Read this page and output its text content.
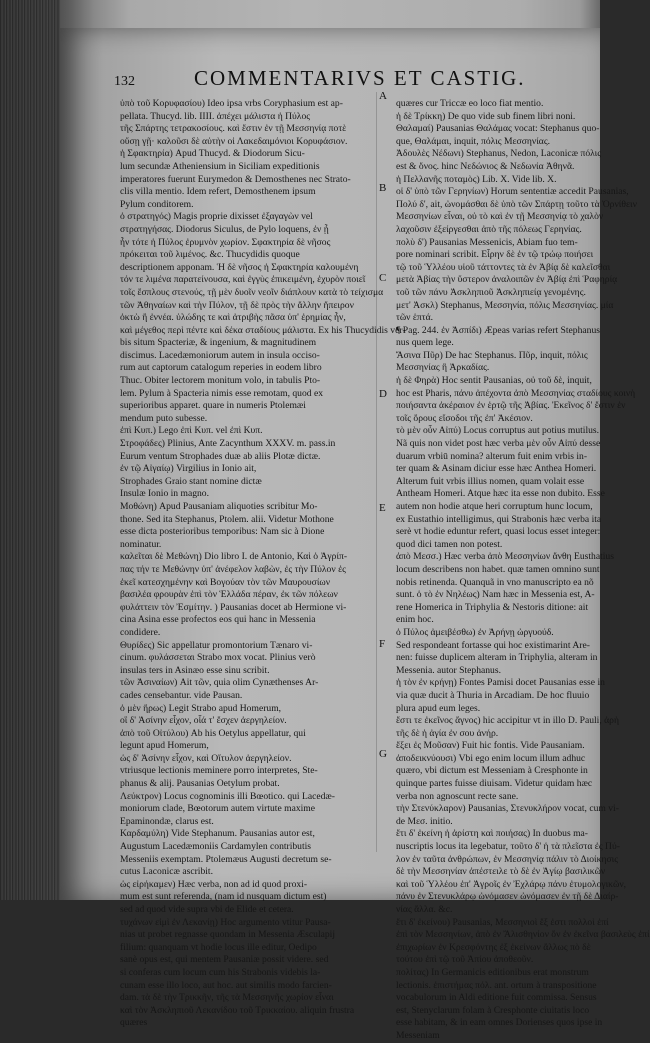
132	COMMENTARIVS ET CASTIG.

ὑπὸ τοῦ Κορυφασίου) Ideo ipsa vrbs Coryphasium est ap-

pellata. Thucyd. lib. IIII. ἀπέχει μάλιστα ἡ Πύλος

τῆς Σπάρτης τετρακοσίους. καὶ ἔστιν ἐν τῇ Μεσσηνίᾳ ποτὲ

οὔσῃ γῇ· καλοῦσι δὲ αὐτὴν οἱ Λακεδαιμόνιοι Κορυφάσιον.

ἡ Σφακτηρία) Apud Thucyd. & Diodorum Sicu-

lum secundæ Atheniensium in Siciliam expeditionis

imperatores fuerunt Eurymedon & Demosthenes nec Strato-

clis villa mentio. Idem refert, Demosthenem ipsum

Pylum conditorem.

ὁ στρατηγός) Magis proprie dixisset ἐξαγαγὼν vel

στρατηγήσας. Diodorus Siculus, de Pylo loquens, ἐν ᾗ

ἦν τότε ἡ Πύλος ἐρυμνὸν χωρίον. Σφακτηρία δὲ νῆσος

πρόκειται τοῦ λιμένος. &c. Thucydidis quoque

descriptionem apponam. Ἡ δὲ νῆσος ἡ Σφακτηρία καλουμένη

τόν τε λιμένα παρατείνουσα, καὶ ἐγγὺς ἐπικειμένη, ἐχυρὸν ποιεῖ

τοῖς ἔσπλους στενούς, τῇ μὲν δυοῖν νεοῖν διάπλουν κατὰ τὸ τείχισμα

τῶν Ἀθηναίων καὶ τὴν Πύλον, τῇ δὲ πρὸς τὴν ἄλλην ἤπειρον

ὀκτὼ ἢ ἐννέα. ὑλώδης τε καὶ ἀτριβὴς πᾶσα ὑπ' ἐρημίας ἦν,

καὶ μέγεθος περὶ πέντε καὶ δέκα σταδίους μάλιστα. Ex his Thucydidis ver-

bis situm Spacteriæ, & ingenium, & magnitudinem

discimus. Lacedæmoniorum autem in insula occiso-

rum aut captorum catalogum reperies in eodem libro

Thuc. Obiter lectorem monitum volo, in tabulis Pto-

lem. Pylum à Spacteria nimis esse remotam, quod ex

superioribus apparet. quare in numeris Ptolemæi

mendum puto subesse.

ἐπὶ Κυπ.) Lego ἐπὶ Κυπ. vel ἐπὶ Κυπ.

Στροφάδες) Plinius, Ante Zacynthum XXXV. m. pass.in

Eurum ventum Strophades duæ ab aliis Plotæ dictæ.

ἐν τῷ Αἰγαίῳ) Virgilius in Ionio ait,

Strophades Graio stant nomine dictæ

Insulæ Ionio in magno.

Μοθώνη) Apud Pausaniam aliquoties scribitur Mo-

thone. Sed ita Stephanus, Ptolem. alii. Videtur Mothone

esse dicta posterioribus temporibus: Nam sic à Dione

nominatur.

καλεῖται δὲ Μεθώνη) Dio libro I. de Antonio, Καὶ ὁ Ἀγρίπ-

πας τήν τε Μεθώνην ὑπ' ἀνέφελον λαβὼν, ἐς τὴν Πύλον ἐς

ἐκεῖ κατεσχημένην καὶ Βογούαν τὸν τῶν Μαυρουσίων

βασιλέα φρουρὰν ἐπὶ τὸν Ἑλλάδα πέραν, ἐκ τῶν πόλεων

φυλάττειν τὸν Ἐσμίτην. ) Pausanias docet ab Hermione vi-

cina Asina esse profectos eos qui hanc in Messenia

condidere.

Θυρίδες) Sic appellatur promontorium Tænaro vi-

cinum. φυλάσσεται Strabo mox vocat. Plinius verò

insulas ters in Asinæo esse sinu scribit.

τῶν Ἀσιναίων) Ait τῶν, quia olim Cynæthenses Ar-

cades censebantur. vide Pausan.

ὁ μὲν ἥρως) Legit Strabo apud Homerum,

οἳ δ' Ἀσίνην εἶχον, οἷά τ' ἔσχεν ἀεργηλείον.

ἀπὸ τοῦ Οἰτύλου) Ab his Oetylus appellatur, qui

legunt apud Homerum,

ὡς δ' Ἀσίνην εἶχον, καὶ Οἴτυλον ἀεργηλείον.

vtriusque lectionis meminere porro interpretes, Ste-

phanus & alij. Pausanias Oetylum probat.

Λεύκτρον) Locus cognominis illi Bœotico. qui Lacedæ-

moniorum clade, Bœotorum autem virtute maxime

Epaminondæ, clarus est.

Καρδαμύλη) Vide Stephanum. Pausanias autor est,

Augustum Lacedæmoniis Cardamylen contributis

Messeniis exemptam. Ptolemæus Augusti decretum se-

cutus Laconicæ ascribit.

ὡς εἰρήκαμεν) Hæc verba, non ad id quod proxi-

mum est sunt referenda, (nam id nusquam dictum est)

sed ad quod vide supra vbi de Elide et cetera.

τυχάνων εἰμὶ ἐν Λεκανίῃ) Hoc argumento vtitur Pausa-

nias ut probet regnasse quondam in Messenia Æsculapij

filium: quanquam vt hodie locus ille editur, Oedipo

sanè opus est, qui mentem Pausaniæ possit videre. sed

si conferas cum locum cum his Strabonis videbis la-

cunam esse illo loco, aut hoc. aut similis modo farcien-

dam. τὰ δὲ τὴν Τρικκῆν, τῆς τὰ Μεσσηνῆς χωρίον εἶναι

καὶ τὸν Ἀσκληπιοῦ Λεκανίδου τοῦ Τρικκαίου. aliquin frustra

quæres

A
B
C
D
E
F
G

quæres cur Triccæ eo loco fiat mentio.

ἡ δὲ Τρίκκη) De quo vide sub finem libri noni.

Θαλαμαί) Pausanias Θαλάμας vocat: Stephanus quo-

que, Θαλάμαι, inquit, πόλις Μεσσηνίας.

Ἀδουλὲς Νέδωνι) Stephanus, Nedon, Laconicæ πόλις

est & ὄνος. hinc Νεδώνιος & Νεδωνία Ἀθηνᾶ.

ἡ Πελλανῆς ποταμὸς) Lib. X. Vide lib. X.

οἱ δ' ὑπὸ τῶν Γερηνίων) Horum sententiæ accedit Pausanias,

Πολύ δ', ait, ὠνομάσθαι δὲ ὑπὸ τῶν Σπάρτῃ τοῦτο τὰ Ὀρνίθειν

Μεσσηνίων εἶναι, οὐ τὸ καὶ ἐν τῇ Μεσσηνίᾳ τὸ χαλὸν

λαχοῦσιν ἐξείργεσθαι ἀπὸ τῆς πόλεως Γερηνίας.

πολὺ δ') Pausanias Messenicis, Abiam fuo tem-

pore nominari scribit. Εἶρην δὲ ἐν τῷ τρώῳ ποιήσει

τῷ τοῦ Ὑλλέου υἱοῦ τάττοντες τὰ ἐν Ἀβίᾳ δὲ καλεῖσθαι

μετὰ Ἀβίας τὴν ὕστερον ἀναλοιπῶν ἐν Ἀβίᾳ ἐπὶ Ῥαφηρίᾳ

τοῦ τῶν πάνυ Ἀσκληπιοῦ Ἀσκληπιείᾳ γενομένης.

μετ' Ἀσκλ) Stephanus, Μεσσηνία, πόλις Μεσσηνίας. μία

τῶν ἑπτά.

¶ Pag. 244. ἐν Ἀσπίδι) Æpeas varias refert Stephanus

nus quem lege.

Ἄσινα Πῦρ) De hac Stephanus. Πῦρ, inquit, πόλις

Μεσσηνίας ἢ Ἀρκαδίας.

ἡ δὲ Φηρὰ) Hoc sentit Pausanias, οὐ τοῦ δὲ, inquit,

hoc est Pharis, πάνυ ἀπέχοντα ἀπὸ Μεσσηνίας σταδίους κοινὴ

ποιήσαντα ἀκέραιον ἐν ἑρτῷ τῆς Ἀβίας. Ἐκεῖνος δ' ἔστιν ἐν

τοῖς ὄρους εἴσοδοι τῆς ἐπ' Ἀκέσιον.

τὸ μὲν οὖν Αἰπύ) Locus corruptus aut potius mutilus.

Nã quis non videt post hæc verba μὲν οὖν Αἰπύ desse

duarum vrbiū nomina? alterum fuit enim vrbis in-

ter quam & Asinam diciur esse hæc Anthea Homeri.

Alterum fuit vrbis illius nomen, quam volait esse

Antheam Homeri. Atque hæc ita esse non dubito. Esse

autem non hodie atque heri corruptum hunc locum,

ex Eustathio intelligimus, qui Strabonis hæc verba ita

serè vt hodie eduntur refert, quasi locus esset integer:

quod dici tamen non potest.

ἀπὸ Μεσσ.) Hæc verba ἀπὸ Μεσσηνίων ἄνθη Eusthatius

locum describens non habet. quæ tamen omnino sunt

nobis retinenda. Quanquã in vno manuscripto ea nõ

sunt. ὁ τὸ ἐν Νηλέως) Nam hæc in Messenia est, A-

rene Homerica in Triphylia & Nestoris ditione: ait

enim hoc.

ὁ Πύλος ἀμειβέσθω) ἐν Ἀρήνῃ ὠργυούδ.

Sed respondeant fortasse qui hoc existimarint Are-

nen: fuisse duplicem alteram in Triphylia, alteram in

Messenia. autor Stephanus.

ἡ τὸν ἐν κρήνῃ) Fontes Pamisi docet Pausanias esse in

via quæ ducit à Thuria in Arcadiam. De hoc fluuio

plura apud eum leges.

ἔστι τε ἐκεῖνος ἄγνος) hic accipitur vt in illo D. Pauli, ἀρὴ

τῆς δὲ ἡ ἀγία ἐν σου ἀνήρ.

ἔξει ἐς Μοῦσαν) Fuit hic fontis. Vide Pausaniam.

ἀποδεικνύουσι) Vbi ego enim locum illum adhuc

quæro, vbi dictum est Messeniam à Cresphonte in

quinque partes fuisse diuisam. Videtur quidam hæc

verba non agnoscunt recte sane.

τὴν Στενύκλαρον) Pausanias, Στενυκλήρον vocat, cum vi-

de Μεσ. initio.

ἔτι δ' ἐκείνη ἡ ἀρίστη καὶ ποιήσας) In duobus ma-

nuscriptis locus ita legebatur, τοῦτο δ' ἡ τὰ πλεῖστα ἐς Πύ-

λον ἐν ταῦτα ἀνθρώπων, ἐν Μεσσηνίᾳ πάλιν τὸ Διοίκησις

δὲ τὴν Μεσσηνίαν ἀπέστειλε τὸ δὲ ἐν Ἀγίῳ βασιλικῶν

καὶ τοῦ Ὑλλέου ἐπ' Ἀγροῖς ἐν Ἐχλάρῳ πάνυ ἐτυμολογικῶν,

πάνυ ἐν Στενυκλάρῳ ὠνόμασεν ὠνόμασεν ἐν τῇ δὲ Διαίρ-

νίας ἄλλα. &c.

ἔτι δ' ἐκείνου) Pausanias, Μεσσηνιοὶ ἔξ ἐστι πολλοὶ ἐπί

ἐπὶ τὸν Μεσσηνίων, ἀπὸ ἐν Ἄλισθηνίον ὄν ἐν ἐκεῖνα βασιλεὺς ἐπί

ἐπιχωρίων ἐν Κρεσφόντης ἐξ ἐκείνων ἄλλως πὸ δὲ

τούτου ἐπὶ τῷ τοῦ Ἀπίου ἀποθεοῦν.

πολίτας) In Germanicis editionibus erat monstrum

lectionis. ἐπιστήμας πόλ. ant. ortum à transpositione

vocabulorum in Aldi editione fuit commissa. Sensus

est, Stenyclarum folam à Cresphonte ciuitatis loco

esse habitam, & in eam omnes Dorienses quos ipse in

Messeniam
